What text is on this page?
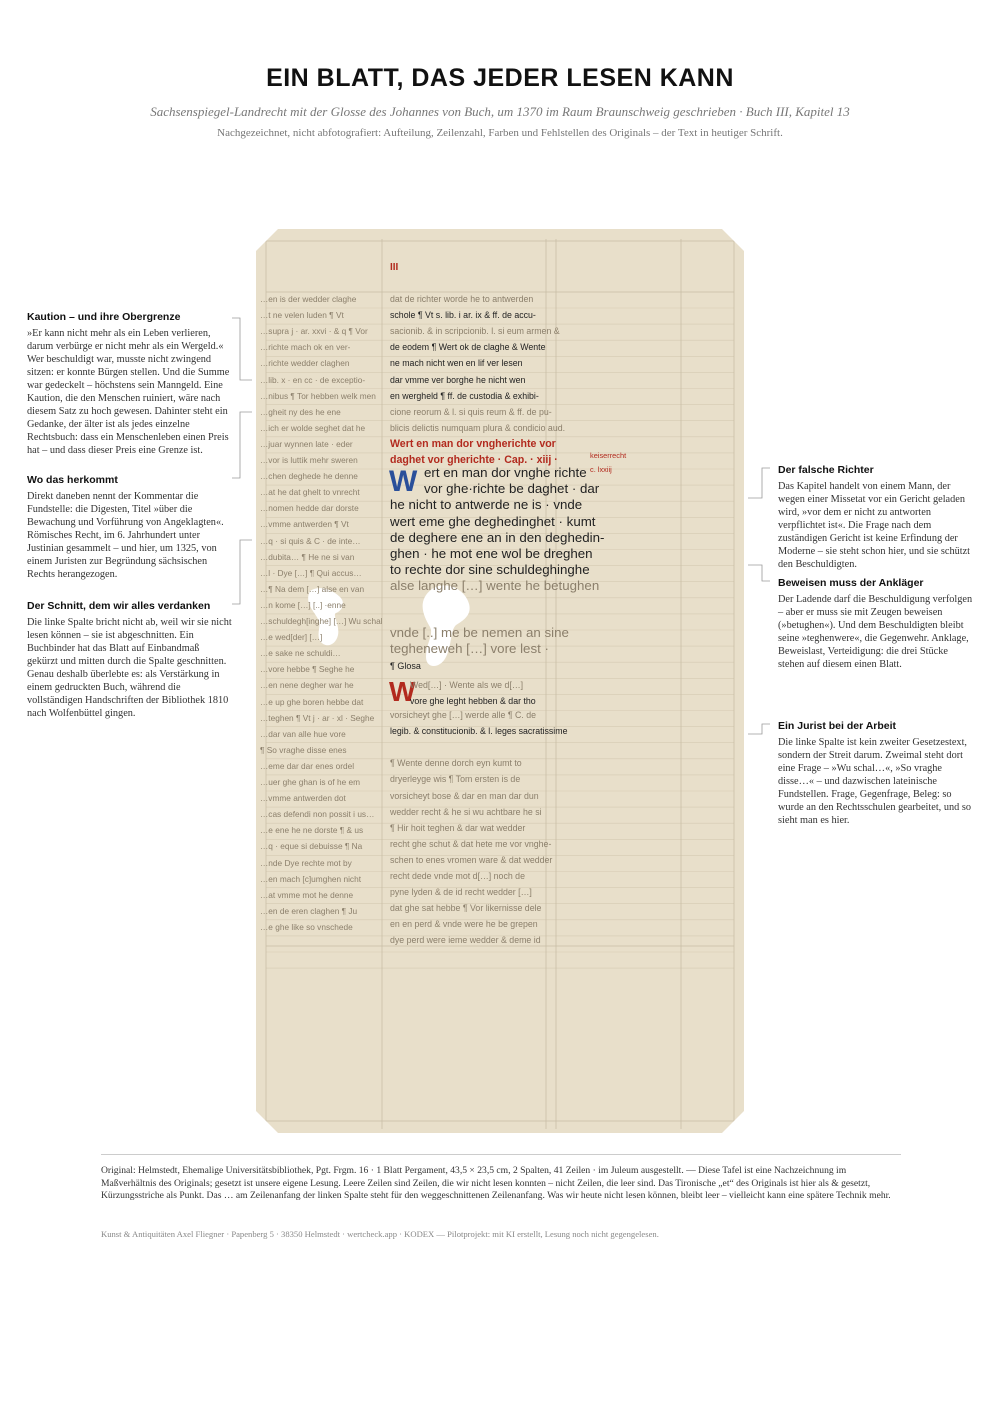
EIN BLATT, DAS JEDER LESEN KANN
Sachsenspiegel-Landrecht mit der Glosse des Johannes von Buch, um 1370 im Raum Braunschweig geschrieben · Buch III, Kapitel 13
Nachgezeichnet, nicht abfotografiert: Aufteilung, Zeilenzahl, Farben und Fehlstellen des Originals – der Text in heutiger Schrift.
Kaution – und ihre Obergrenze
»Er kann nicht mehr als ein Leben verlieren, darum verbürge er nicht mehr als ein Wergeld.« Wer beschuldigt war, musste nicht zwingend sitzen: er konnte Bürgen stellen. Und die Summe war gedeckelt – höchstens sein Manngeld. Eine Kaution, die den Menschen ruiniert, wäre nach diesem Satz zu hoch gewesen. Dahinter steht ein Gedanke, der älter ist als jedes einzelne Rechtsbuch: dass ein Menschenleben einen Preis hat – und dass dieser Preis eine Grenze ist.
Wo das herkommt
Direkt daneben nennt der Kommentar die Fundstelle: die Digesten, Titel »über die Bewachung und Vorführung von Angeklagten«. Römisches Recht, im 6. Jahrhundert unter Justinian gesammelt – und hier, um 1325, von einem Juristen zur Begründung sächsischen Rechts herangezogen.
Der Schnitt, dem wir alles verdanken
Die linke Spalte bricht nicht ab, weil wir sie nicht lesen können – sie ist abgeschnitten. Ein Buchbinder hat das Blatt auf Einbandmaß gekürzt und mitten durch die Spalte geschnitten. Genau deshalb überlebte es: als Verstärkung in einem gedruckten Buch, während die vollständigen Handschriften der Bibliothek 1810 nach Wolfenbüttel gingen.
Der falsche Richter
Das Kapitel handelt von einem Mann, der wegen einer Missetat vor ein Gericht geladen wird, »vor dem er nicht zu antworten verpflichtet ist«. Die Frage nach dem zuständigen Gericht ist keine Erfindung der Moderne – sie steht schon hier, und sie schützt den Beschuldigten.
Beweisen muss der Ankläger
Der Ladende darf die Beschuldigung verfolgen – aber er muss sie mit Zeugen beweisen (»betughen«). Und dem Beschuldigten bleibt seine »teghenwere«, die Gegenwehr. Anklage, Beweislast, Verteidigung: die drei Stücke stehen auf diesem einen Blatt.
Ein Jurist bei der Arbeit
Die linke Spalte ist kein zweiter Gesetzestext, sondern der Streit darum. Zweimal steht dort eine Frage – »Wu schal…«, »So vraghe disse…« – und dazwischen lateinische Fundstellen. Frage, Gegenfrage, Beleg: so wurde an den Rechtsschulen gearbeitet, und so sieht man es hier.
III
…en is der wedder claghe
…t ne velen luden ¶ Vt
…supra j · ar. xxvi · & q ¶ Vor
…richte mach ok en ver-
…richte wedder claghen
…lib. x · en cc · de exceptio-
…nibus ¶ Tor hebben welk men
…gheit ny des he ene
…ich er wolde seghet dat he
…juar wynnen late · eder
…vor is luttik mehr sweren
…chen deghede he denne
…at he dat ghelt to vnrecht
…nomen hedde dar dorste
…vmme antwerden ¶ Vt
…q · si quis & C · de inte…
…dubita… ¶ He ne si van
…l · Dye […] ¶ Qui accus…
…¶ Na dem […] alse en van
…n kome […] [..] ·enne
…schuldegh[inghe] […] Wu schal
…e wed[der] […]
…e sake ne schuldi…
…vore hebbe ¶ Seghe he
…en nene degher war he
…e up ghe boren hebbe dat
…teghen ¶ Vt j · ar · xl · Seghe
…dar van alle hue vore
¶ So vraghe disse enes
…eme dar dar enes ordel
…uer ghe ghan is of he em
…vmme antwerden dot
…cas defendi non possit i us…
…e ene he ne dorste ¶ & us
…q · eque si debuisse ¶ Na
…nde Dye rechte mot by
…en mach [c]umghen nicht
…at vmme mot he denne
…en de eren claghen ¶ Ju
…e ghe like so vnschede
dat de richter worde he to antwerden
schole ¶ Vt s. lib. i ar. ix & ff. de accu-
sacionib. & in scripcionib. l. si eum armen &
de eodem ¶ Wert ok de claghe & Wente
ne mach nicht wen en lif ver lesen
dar vmme ver borghe he nicht wen
en wergheld ¶ ff. de custodia & exhibi-
cione reorum & l. si quis reum & ff. de pu-
blicis delictis numquam plura & condicio aud.
Wert en man dor vngherichte vor
daghet vor gherichte · Cap. · xiij ·
W ert en man dor vnghe richte
vor ghe·richte be daghet · dar
he nicht to antwerde ne is · vnde
wert eme ghe deghedinghet · kumt
de deghere ene an in den deghedin-
ghen · he mot ene wol be dreghen
to rechte dor sine schuldeghinghe
alse langhe […] wente he betughen
vnde [..] me be nemen an sine
tegheneweh […] vore lest ·
¶ Glosa
W
Wed[…] · Wente als we d[…]
vore ghe leght hebben & dar tho
vorsicheyt ghe […] werde alle ¶ C. de
legib. & constitucionib. & l. leges sacratissime
¶ Wente denne dorch eyn kumt to
dryerleyge wis ¶ Tom ersten is de
vorsicheyt bose & dar en man dar dun
wedder recht & he si wu achtbare he si
¶ Hir hoit teghen & dar wat wedder
recht ghe schut & dat hete me vor vnghe-
schen to enes vromen ware & dat wedder
recht dede vnde mot d[…] noch de
pyne lyden & de id recht wedder […]
dat ghe sat hebbe ¶ Vor likernisse dele
en en perd & vnde were he be grepen
dye perd were ieme wedder & deme id
keiserrecht
c. lxxiij
Original: Helmstedt, Ehemalige Universitätsbibliothek, Pgt. Frgm. 16 · 1 Blatt Pergament, 43,5 × 23,5 cm, 2 Spalten, 41 Zeilen · im Juleum ausgestellt. — Diese Tafel ist eine Nachzeichnung im Maßverhältnis des Originals; gesetzt ist unsere eigene Lesung. Leere Zeilen sind Zeilen, die wir nicht lesen konnten – nicht Zeilen, die leer sind. Das Tironische „et“ des Originals ist hier als & gesetzt, Kürzungsstriche als Punkt. Das … am Zeilenanfang der linken Spalte steht für den weggeschnittenen Zeilenanfang. Was wir heute nicht lesen können, bleibt leer – vielleicht kann eine spätere Technik mehr.
Kunst & Antiquitäten Axel Fliegner · Papenberg 5 · 38350 Helmstedt · wertcheck.app · KODEX — Pilotprojekt: mit KI erstellt, Lesung noch nicht gegengelesen.
